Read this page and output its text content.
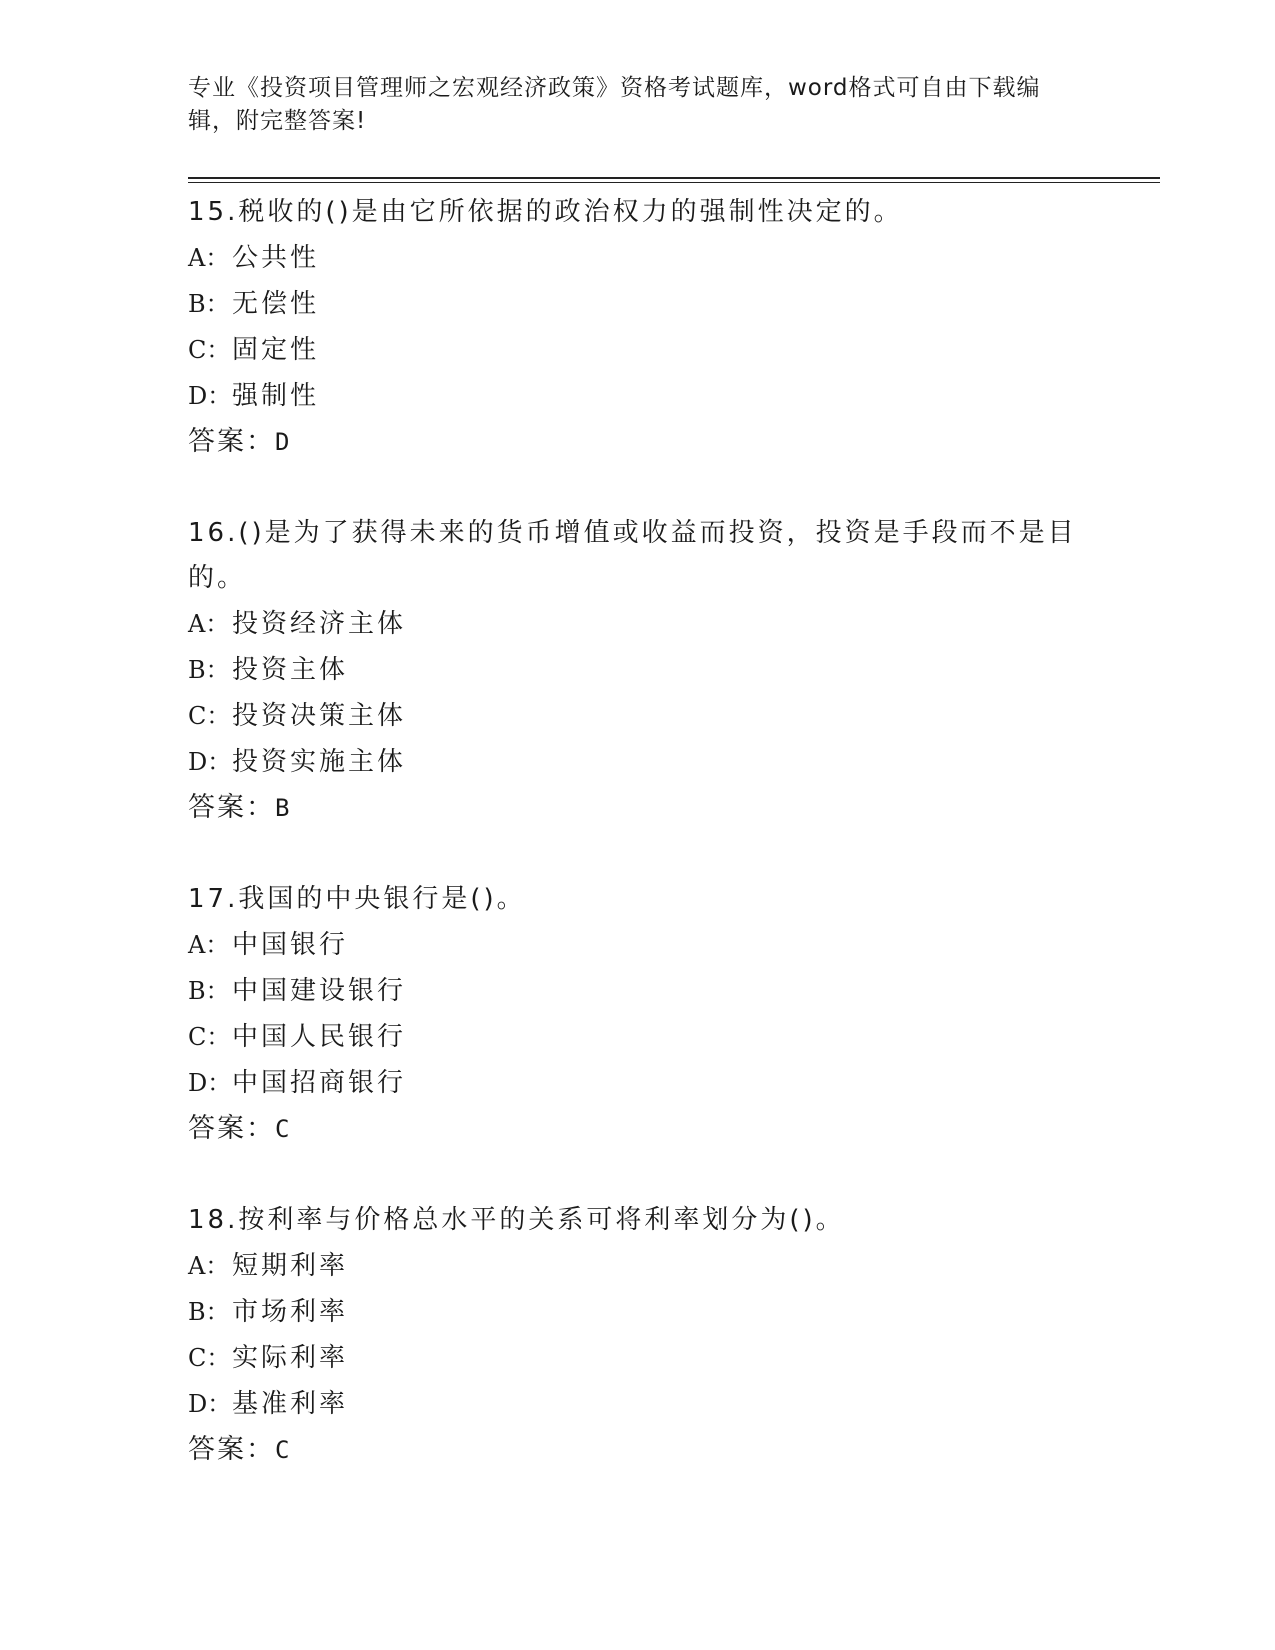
专业《投资项目管理师之宏观经济政策》资格考试题库，word格式可自由下载编
辑，附完整答案!
15.税收的()是由它所依据的政治权力的强制性决定的。
A： 公共性
B： 无偿性
C： 固定性
D： 强制性
答案：D
16.()是为了获得未来的货币增值或收益而投资，投资是手段而不是目
的。
A： 投资经济主体
B： 投资主体
C： 投资决策主体
D： 投资实施主体
答案：B
17.我国的中央银行是()。
A： 中国银行
B： 中国建设银行
C： 中国人民银行
D： 中国招商银行
答案：C
18.按利率与价格总水平的关系可将利率划分为()。
A： 短期利率
B： 市场利率
C： 实际利率
D： 基准利率
答案：C
